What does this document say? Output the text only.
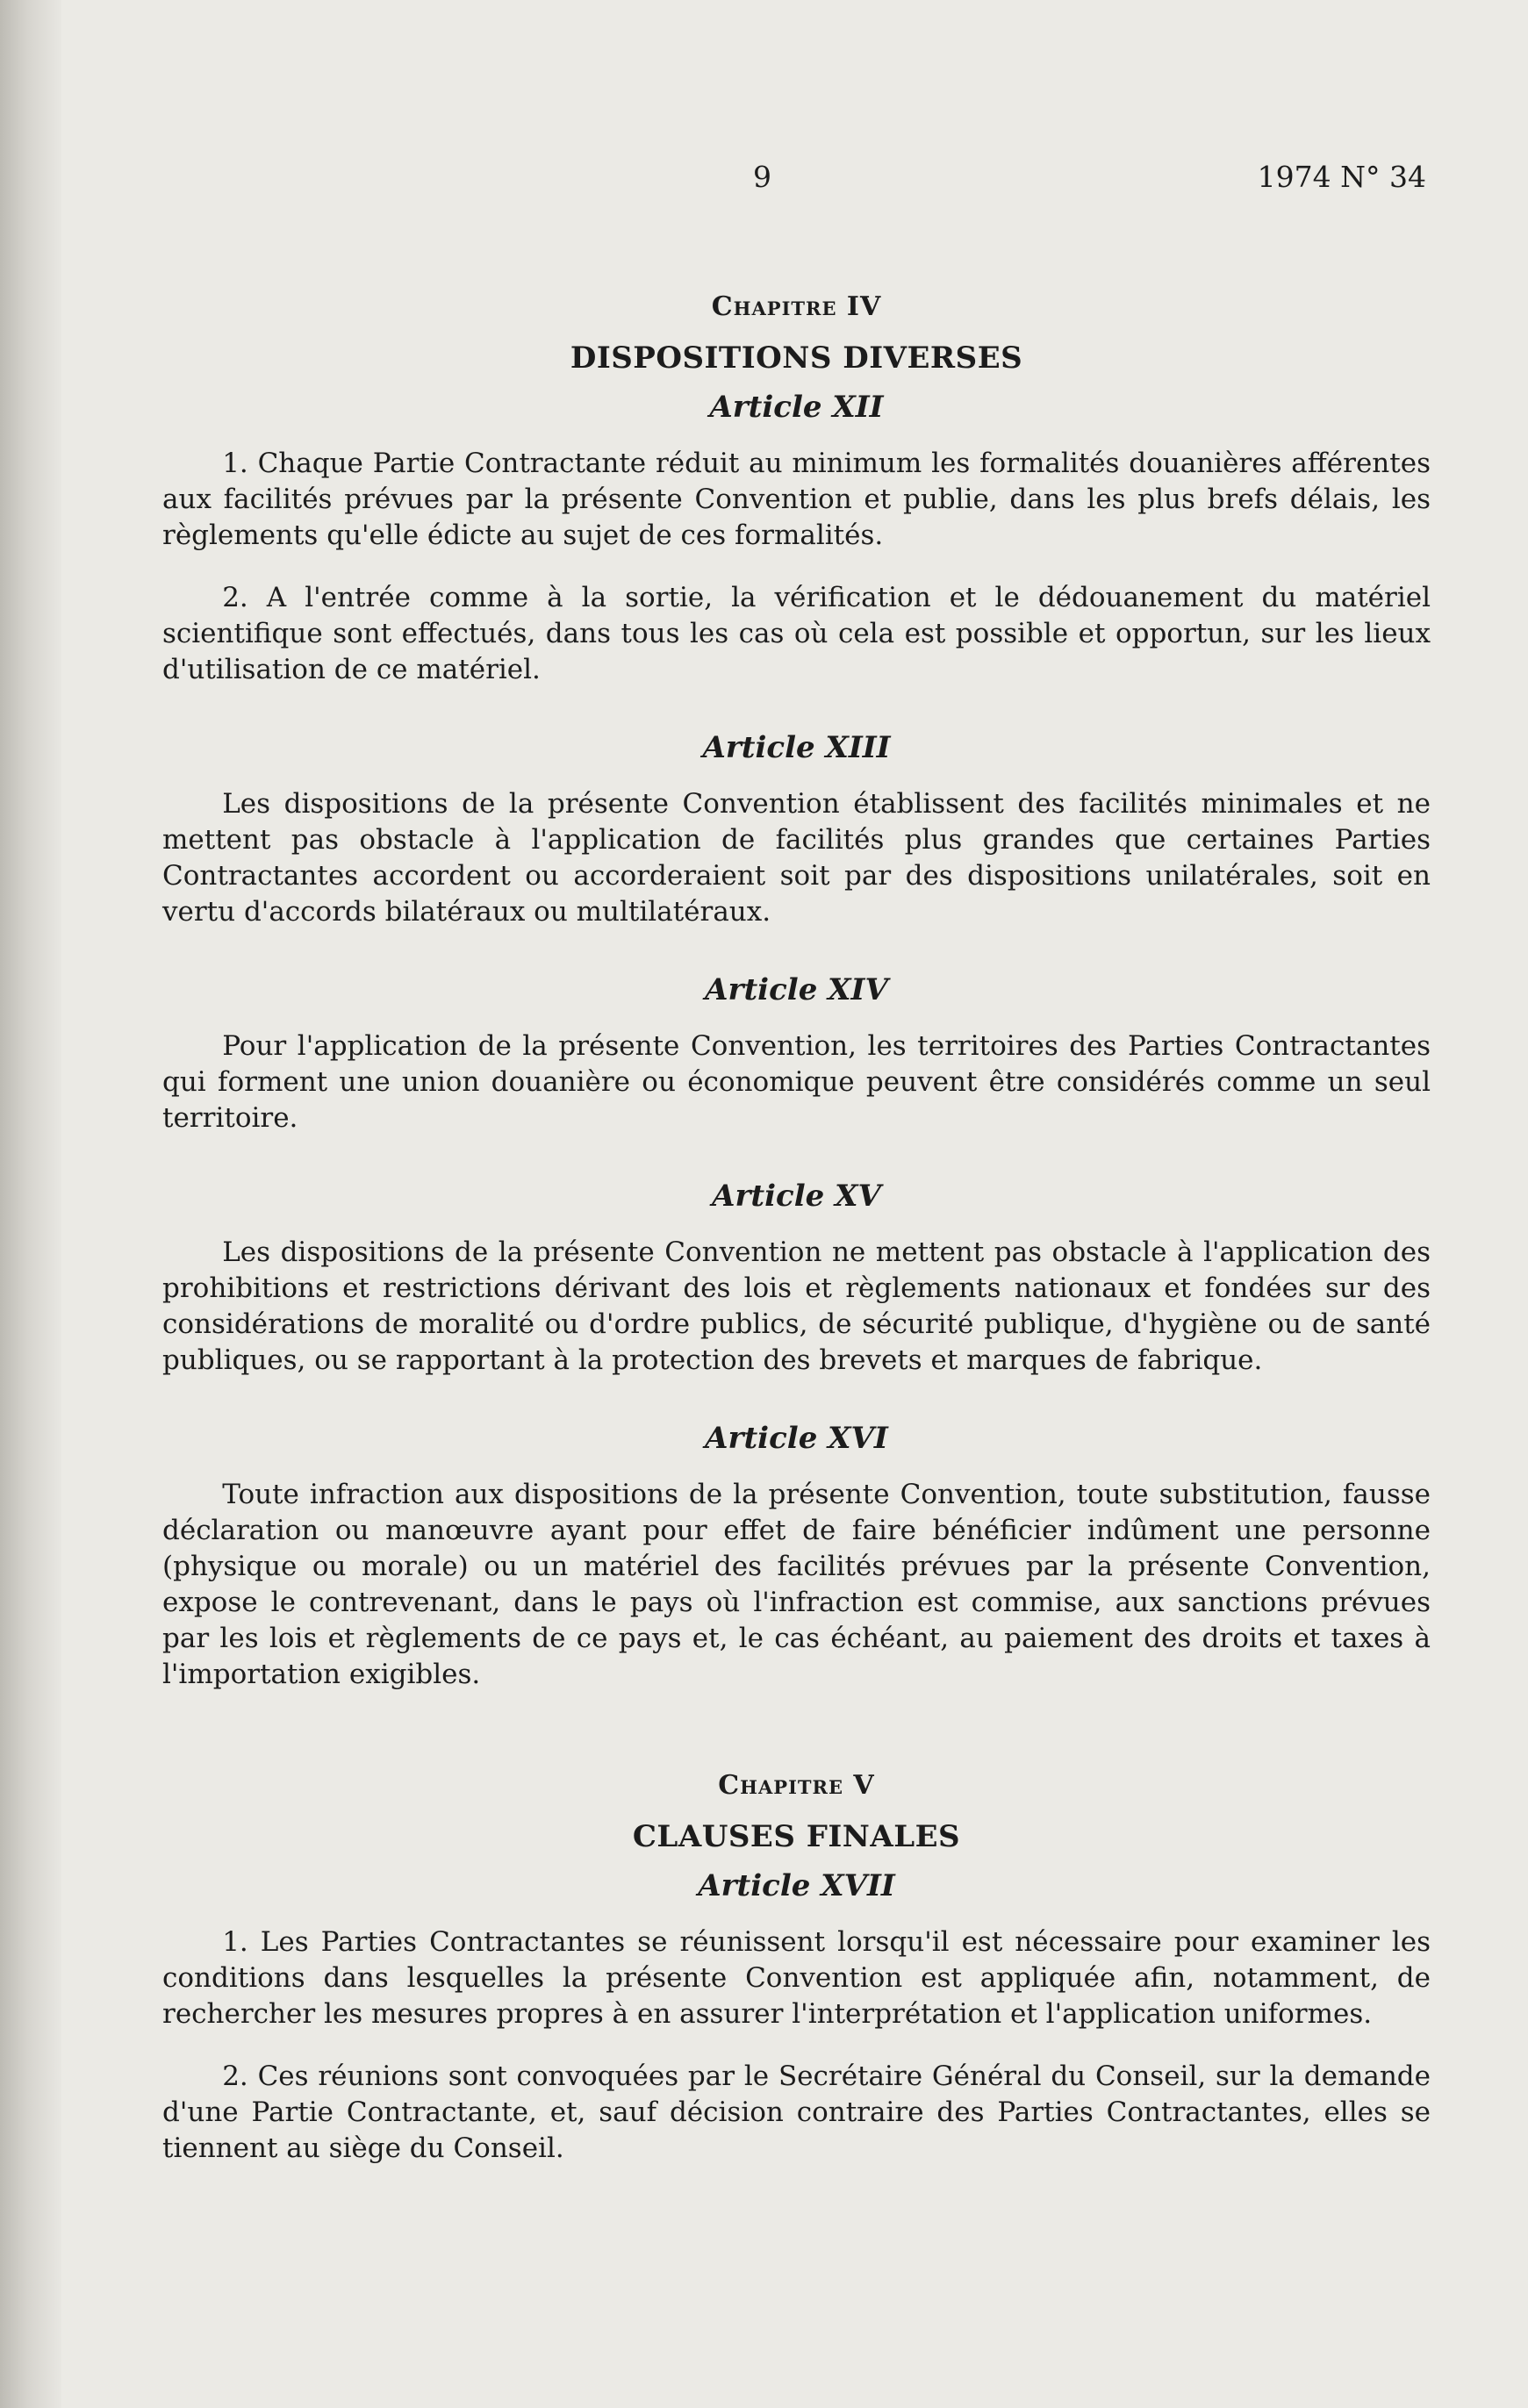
9	1974 N° 34
Chapitre IV
DISPOSITIONS DIVERSES
Article XII

1. Chaque Partie Contractante réduit au minimum les formalités douanières afférentes aux facilités prévues par la présente Convention et publie, dans les plus brefs délais, les règlements qu'elle édicte au sujet de ces formalités.

2. A l'entrée comme à la sortie, la vérification et le dédouanement du matériel scientifique sont effectués, dans tous les cas où cela est possible et opportun, sur les lieux d'utilisation de ce matériel.

Article XIII

Les dispositions de la présente Convention établissent des facilités minimales et ne mettent pas obstacle à l'application de facilités plus grandes que certaines Parties Contractantes accordent ou accorderaient soit par des dispositions unilatérales, soit en vertu d'accords bilatéraux ou multilatéraux.

Article XIV

Pour l'application de la présente Convention, les territoires des Parties Contractantes qui forment une union douanière ou économique peuvent être considérés comme un seul territoire.

Article XV

Les dispositions de la présente Convention ne mettent pas obstacle à l'application des prohibitions et restrictions dérivant des lois et règlements nationaux et fondées sur des considérations de moralité ou d'ordre publics, de sécurité publique, d'hygiène ou de santé publiques, ou se rapportant à la protection des brevets et marques de fabrique.

Article XVI

Toute infraction aux dispositions de la présente Convention, toute substitution, fausse déclaration ou manœuvre ayant pour effet de faire bénéficier indûment une personne (physique ou morale) ou un matériel des facilités prévues par la présente Convention, expose le contrevenant, dans le pays où l'infraction est commise, aux sanctions prévues par les lois et règlements de ce pays et, le cas échéant, au paiement des droits et taxes à l'importation exigibles.

Chapitre V
CLAUSES FINALES
Article XVII

1. Les Parties Contractantes se réunissent lorsqu'il est nécessaire pour examiner les conditions dans lesquelles la présente Convention est appliquée afin, notamment, de rechercher les mesures propres à en assurer l'interprétation et l'application uniformes.

2. Ces réunions sont convoquées par le Secrétaire Général du Conseil, sur la demande d'une Partie Contractante, et, sauf décision contraire des Parties Contractantes, elles se tiennent au siège du Conseil.
